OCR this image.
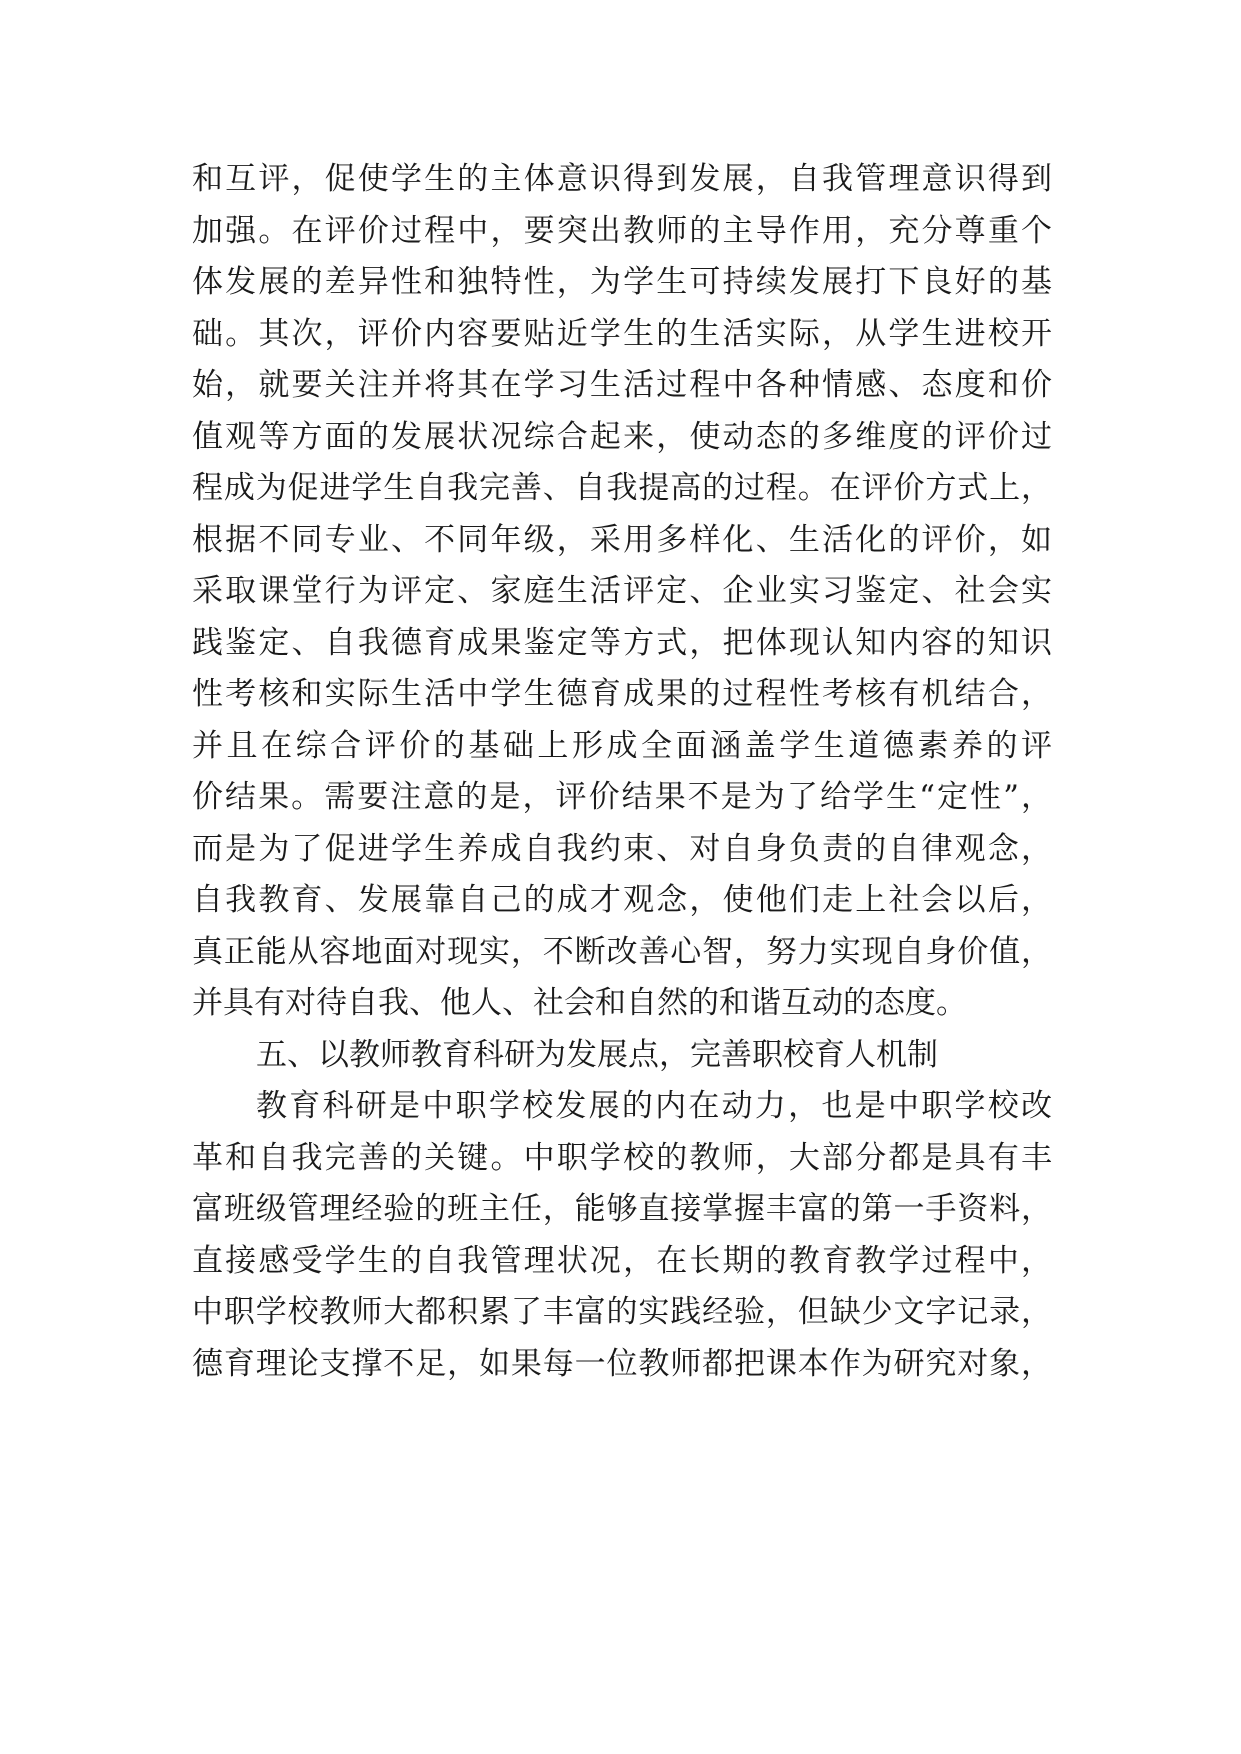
和互评，促使学生的主体意识得到发展，自我管理意识得到
加强。在评价过程中，要突出教师的主导作用，充分尊重个
体发展的差异性和独特性，为学生可持续发展打下良好的基
础。其次，评价内容要贴近学生的生活实际，从学生进校开
始，就要关注并将其在学习生活过程中各种情感、态度和价
值观等方面的发展状况综合起来，使动态的多维度的评价过
程成为促进学生自我完善、自我提高的过程。在评价方式上，
根据不同专业、不同年级，采用多样化、生活化的评价，如
采取课堂行为评定、家庭生活评定、企业实习鉴定、社会实
践鉴定、自我德育成果鉴定等方式，把体现认知内容的知识
性考核和实际生活中学生德育成果的过程性考核有机结合，
并且在综合评价的基础上形成全面涵盖学生道德素养的评
价结果。需要注意的是，评价结果不是为了给学生“定性”，
而是为了促进学生养成自我约束、对自身负责的自律观念，
自我教育、发展靠自己的成才观念，使他们走上社会以后，
真正能从容地面对现实，不断改善心智，努力实现自身价值，
并具有对待自我、他人、社会和自然的和谐互动的态度。
五、以教师教育科研为发展点，完善职校育人机制
教育科研是中职学校发展的内在动力，也是中职学校改
革和自我完善的关键。中职学校的教师，大部分都是具有丰
富班级管理经验的班主任，能够直接掌握丰富的第一手资料，
直接感受学生的自我管理状况，在长期的教育教学过程中，
中职学校教师大都积累了丰富的实践经验，但缺少文字记录，
德育理论支撑不足，如果每一位教师都把课本作为研究对象，
